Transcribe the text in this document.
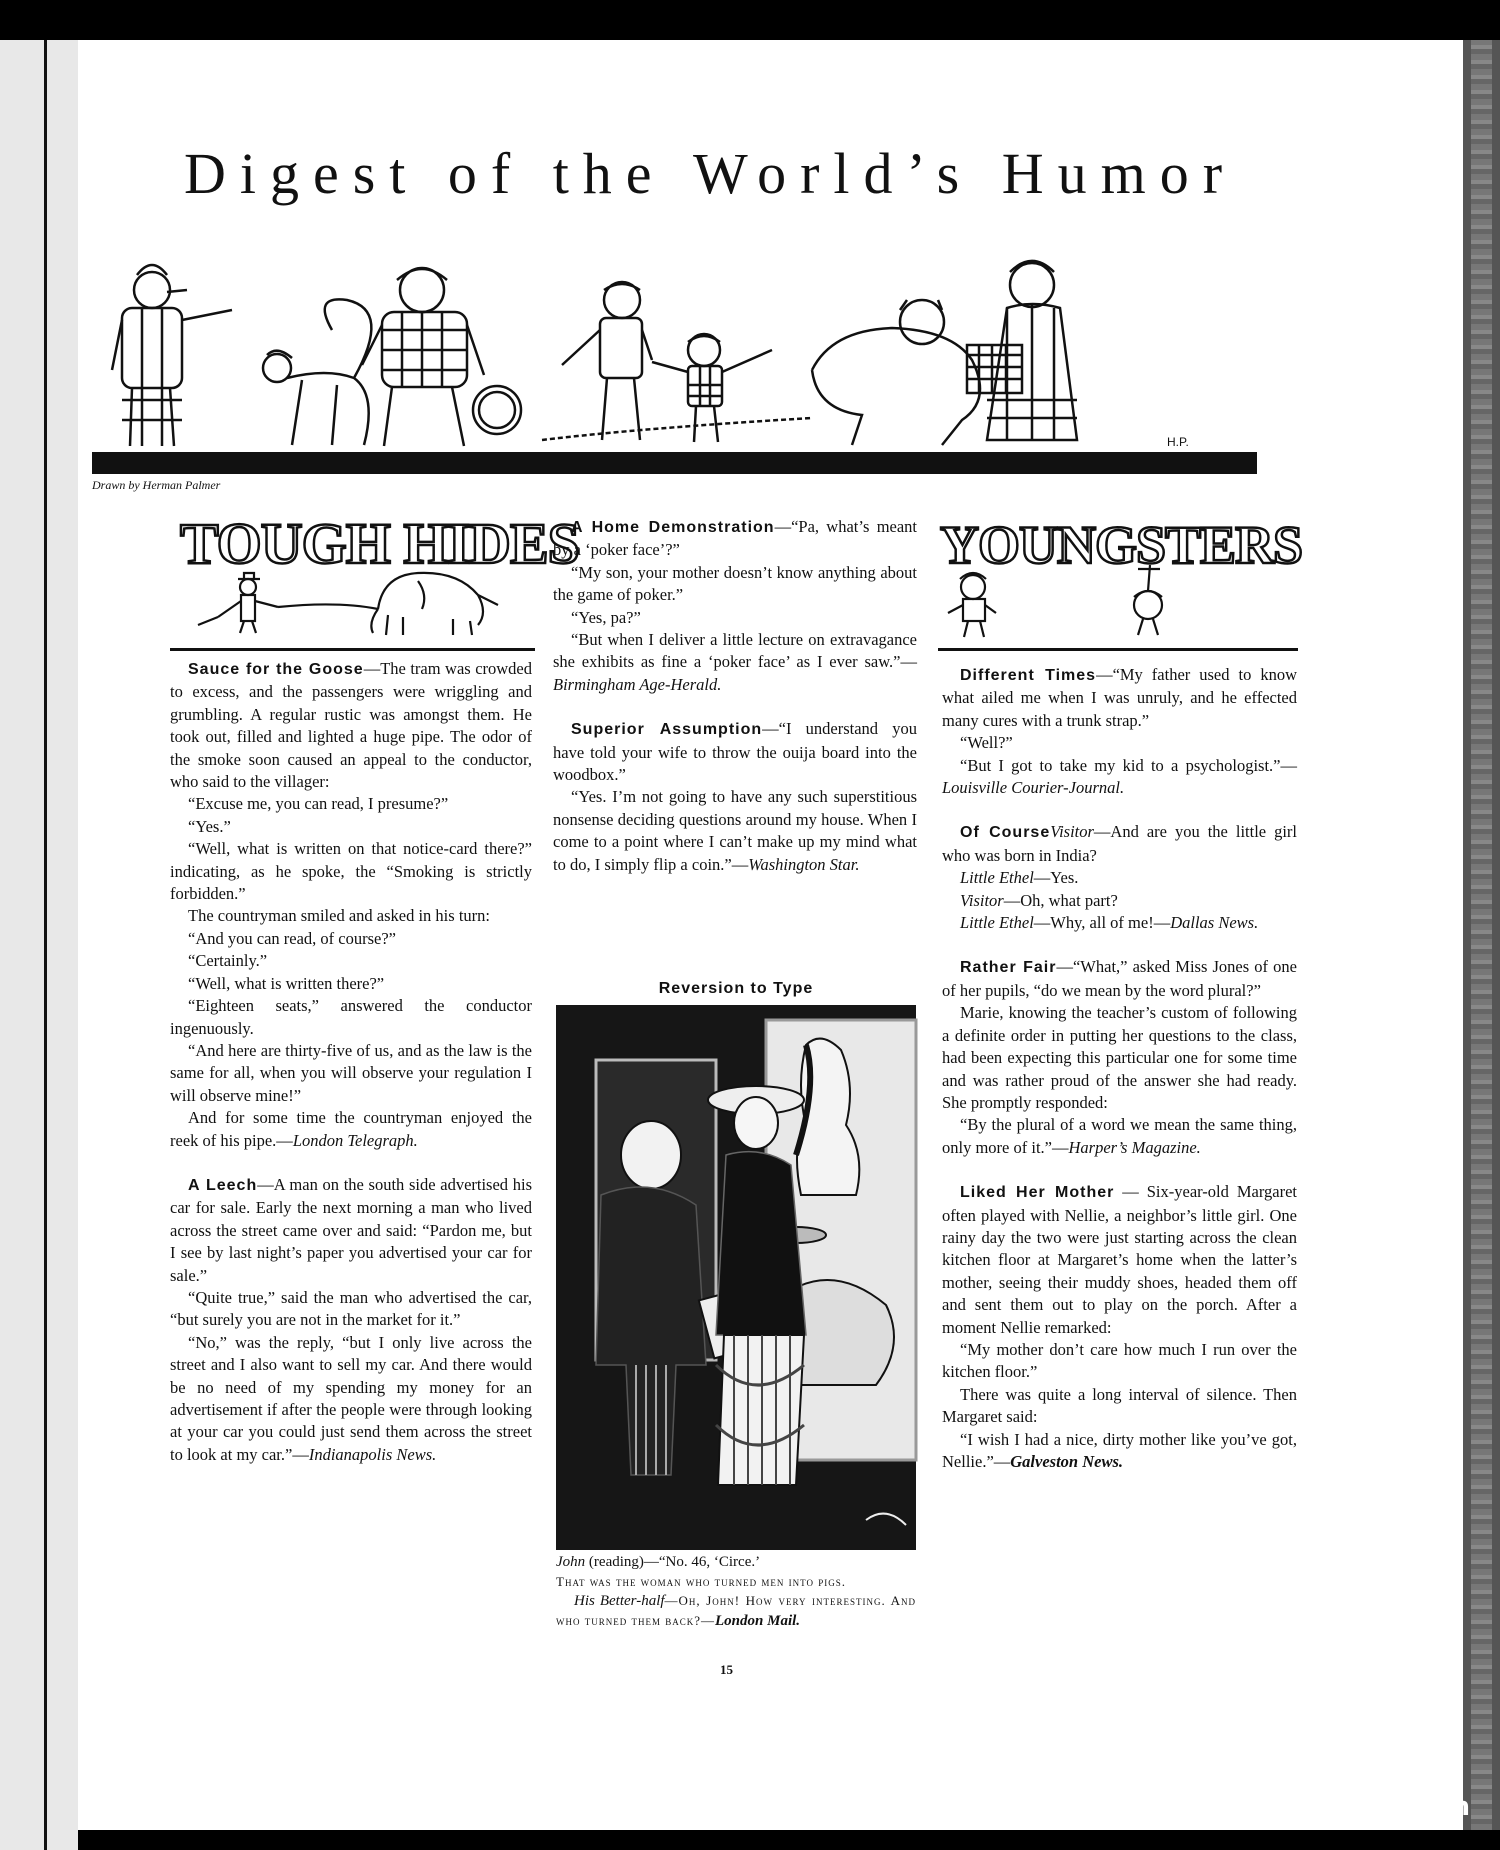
Digest of the World’s Humor
H.P.
Drawn by Herman Palmer
TOUGH HIDES	YOUNGSTERS

Sauce for the Goose—The tram was crowded to excess, and the passengers were wriggling and grumbling. A regular rustic was amongst them. He took out, filled and lighted a huge pipe. The odor of the smoke soon caused an appeal to the conductor, who said to the villager:

“Excuse me, you can read, I presume?”

“Yes.”

“Well, what is written on that notice-card there?” indicating, as he spoke, the “Smoking is strictly forbidden.”

The countryman smiled and asked in his turn:

“And you can read, of course?”

“Certainly.”

“Well, what is written there?”

“Eighteen seats,” answered the conductor ingenuously.

“And here are thirty-five of us, and as the law is the same for all, when you will observe your regulation I will observe mine!”

And for some time the countryman enjoyed the reek of his pipe.—London Telegraph.

A Leech—A man on the south side advertised his car for sale. Early the next morning a man who lived across the street came over and said: “Pardon me, but I see by last night’s paper you advertised your car for sale.”

“Quite true,” said the man who advertised the car, “but surely you are not in the market for it.”

“No,” was the reply, “but I only live across the street and I also want to sell my car. And there would be no need of my spending my money for an advertisement if after the people were through looking at your car you could just send them across the street to look at my car.”—Indianapolis News.

A Home Demonstration—“Pa, what’s meant by a ‘poker face’?”

“My son, your mother doesn’t know anything about the game of poker.”

“Yes, pa?”

“But when I deliver a little lecture on extravagance she exhibits as fine a ‘poker face’ as I ever saw.”—Birmingham Age-Herald.

Superior Assumption—“I understand you have told your wife to throw the ouija board into the woodbox.”

“Yes. I’m not going to have any such superstitious nonsense deciding questions around my house. When I come to a point where I can’t make up my mind what to do, I simply flip a coin.”—Washington Star.

Reversion to Type
John (reading)—“No. 46, ‘Circe.’
That was the woman who turned men into pigs.
His Better-half—Oh, John! How very interesting. And who turned them back?—London Mail.

Different Times—“My father used to know what ailed me when I was unruly, and he effected many cures with a trunk strap.”

“Well?”

“But I got to take my kid to a psychologist.”—Louisville Courier-Journal.

Of CourseVisitor—And are you the little girl who was born in India?

Little Ethel—Yes.

Visitor—Oh, what part?

Little Ethel—Why, all of me!—Dallas News.

Rather Fair—“What,” asked Miss Jones of one of her pupils, “do we mean by the word plural?”

Marie, knowing the teacher’s custom of following a definite order in putting her questions to the class, had been expecting this particular one for some time and was rather proud of the answer she had ready. She promptly responded:

“By the plural of a word we mean the same thing, only more of it.”—Harper’s Magazine.

Liked Her Mother — Six-year-old Margaret often played with Nellie, a neighbor’s little girl. One rainy day the two were just starting across the clean kitchen floor at Margaret’s home when the latter’s mother, seeing their muddy shoes, headed them off and sent them out to play on the porch. After a moment Nellie remarked:

“My mother don’t care how much I run over the kitchen floor.”

There was quite a long interval of silence. Then Margaret said:

“I wish I had a nice, dirty mother like you’ve got, Nellie.”—Galveston News.

15
comicbooks.com
